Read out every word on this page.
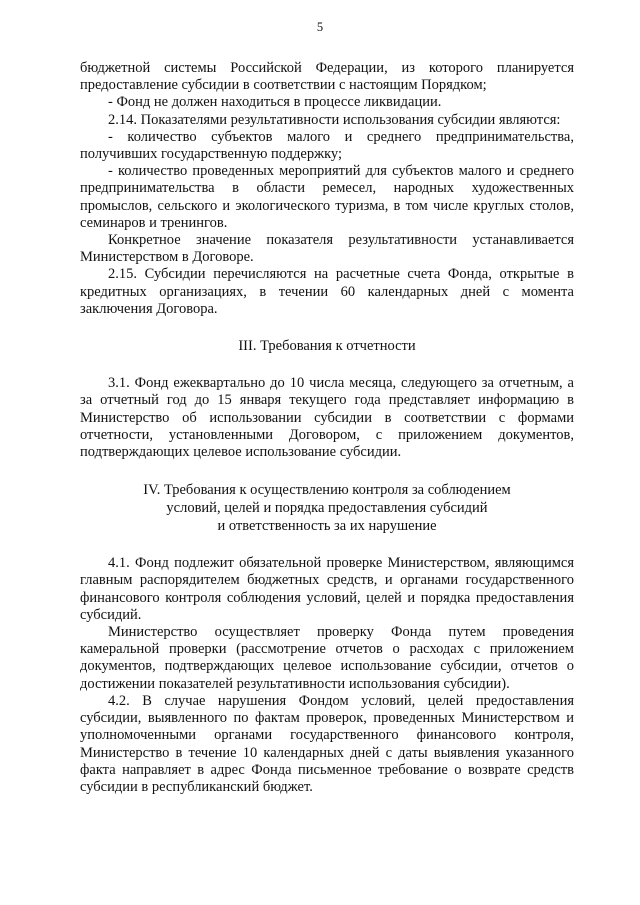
5

бюджетной системы Российской Федерации, из которого планируется предоставление субсидии в соответствии с настоящим Порядком;

- Фонд не должен находиться в процессе ликвидации.

2.14. Показателями результативности использования субсидии являются:

- количество субъектов малого и среднего предпринимательства, получивших государственную поддержку;

- количество проведенных мероприятий для субъектов малого и среднего предпринимательства в области ремесел, народных художественных промыслов, сельского и экологического туризма, в том числе круглых столов, семинаров и тренингов.

Конкретное значение показателя результативности устанавливается Министерством в Договоре.

2.15. Субсидии перечисляются на расчетные счета Фонда, открытые в кредитных организациях, в течении 60 календарных дней с момента заключения Договора.

III. Требования к отчетности

3.1. Фонд ежеквартально до 10 числа месяца, следующего за отчетным, а за отчетный год до 15 января текущего года представляет информацию в Министерство об использовании субсидии в соответствии с формами отчетности, установленными Договором, с приложением документов, подтверждающих целевое использование субсидии.

IV. Требования к осуществлению контроля за соблюдением
условий, целей и порядка предоставления субсидий
и ответственность за их нарушение

4.1. Фонд подлежит обязательной проверке Министерством, являющимся главным распорядителем бюджетных средств, и органами государственного финансового контроля соблюдения условий, целей и порядка предоставления субсидий.

Министерство осуществляет проверку Фонда путем проведения камеральной проверки (рассмотрение отчетов о расходах с приложением документов, подтверждающих целевое использование субсидии, отчетов о достижении показателей результативности использования субсидии).

4.2. В случае нарушения Фондом условий, целей предоставления субсидии, выявленного по фактам проверок, проведенных Министерством и уполномоченными органами государственного финансового контроля, Министерство в течение 10 календарных дней с даты выявления указанного факта направляет в адрес Фонда письменное требование о возврате средств субсидии в республиканский бюджет.
